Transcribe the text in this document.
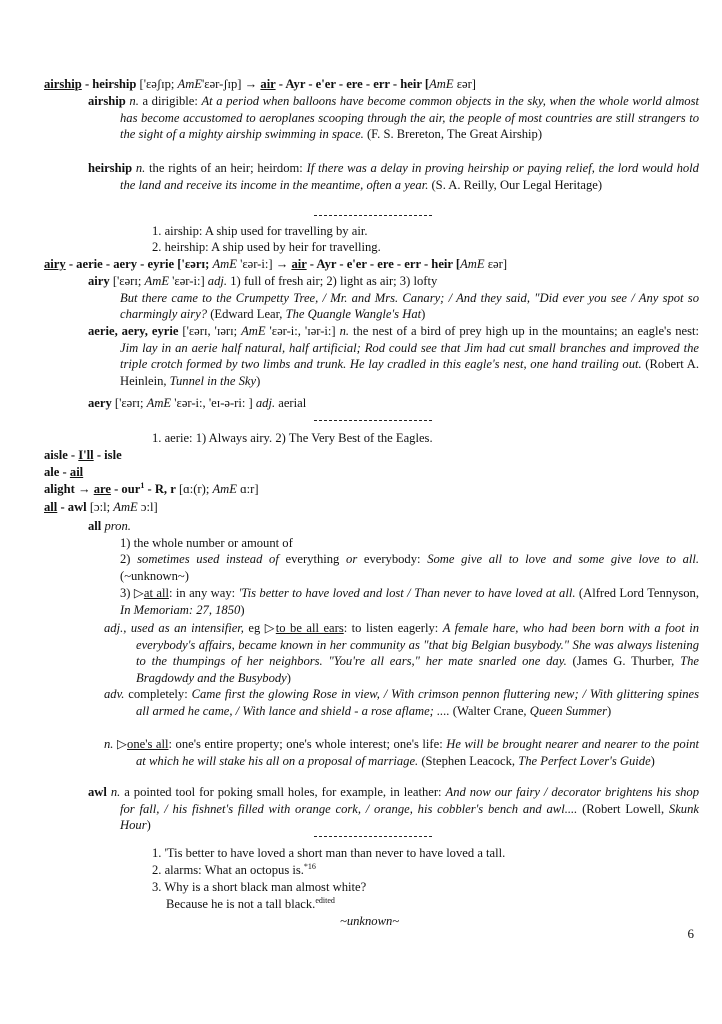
airship - heirship ['εəʃɪp; AmE'εər-ʃɪp] → air - Ayr - e'er - ere - err - heir [AmE εər]

airship n. a dirigible: At a period when balloons have become common objects in the sky, when the whole world almost has become accustomed to aeroplanes scooping through the air, the people of most countries are still strangers to the sight of a mighty airship swimming in space. (F. S. Brereton, The Great Airship)

heirship n. the rights of an heir; heirdom: If there was a delay in proving heirship or paying relief, the lord would hold the land and receive its income in the meantime, often a year. (S. A. Reilly, Our Legal Heritage)

1. airship: A ship used for travelling by air.
2. heirship: A ship used by heir for travelling.
airy - aerie - aery - eyrie ['εərɪ; AmE 'εər-i:] → air - Ayr - e'er - ere - err - heir [AmE εər]

airy ['εərɪ; AmE 'εər-i:] adj. 1) full of fresh air; 2) light as air; 3) lofty

But there came to the Crumpetty Tree, / Mr. and Mrs. Canary; / And they said, "Did ever you see / Any spot so charmingly airy? (Edward Lear, The Quangle Wangle's Hat)

aerie, aery, eyrie ['εərɪ, 'ɪərɪ; AmE 'εər-i:, 'ɪər-i:] n. the nest of a bird of prey high up in the mountains; an eagle's nest: Jim lay in an aerie half natural, half artificial; Rod could see that Jim had cut small branches and improved the triple crotch formed by two limbs and trunk. He lay cradled in this eagle's nest, one hand trailing out. (Robert A. Heinlein, Tunnel in the Sky)

aery ['εərɪ; AmE 'εər-i:, 'eɪ-ə-ri: ] adj. aerial

1. aerie: 1) Always airy. 2) The Very Best of the Eagles.
aisle - I'll - isle
ale - ail
alight → are - our$^1$ - R, r [ɑ:(r); AmE ɑ:r]
all - awl [ɔ:l; AmE ɔ:l]

all pron.

1) the whole number or amount of

2) sometimes used instead of everything or everybody: Some give all to love and some give love to all. (~unknown~)

3) ▷at all: in any way: 'Tis better to have loved and lost / Than never to have loved at all. (Alfred Lord Tennyson, In Memoriam: 27, 1850)

adj., used as an intensifier, eg ▷to be all ears: to listen eagerly: A female hare, who had been born with a foot in everybody's affairs, became known in her community as "that big Belgian busybody." She was always listening to the thumpings of her neighbors. "You're all ears," her mate snarled one day. (James G. Thurber, The Bragdowdy and the Busybody)

adv. completely: Came first the glowing Rose in view, / With crimson pennon fluttering new; / With glittering spines all armed he came, / With lance and shield - a rose aflame; .... (Walter Crane, Queen Summer)

n. ▷one's all: one's entire property; one's whole interest; one's life: He will be brought nearer and nearer to the point at which he will stake his all on a proposal of marriage. (Stephen Leacock, The Perfect Lover's Guide)

awl n. a pointed tool for poking small holes, for example, in leather: And now our fairy / decorator brightens his shop for fall, / his fishnet's filled with orange cork, / orange, his cobbler's bench and awl.... (Robert Lowell, Skunk Hour)

1. 'Tis better to have loved a short man than never to have loved a tall.
2. alarms: What an octopus is.$^{*16}$
3. Why is a short black man almost white?
Because he is not a tall black.$^{edited}$
~unknown~
6
